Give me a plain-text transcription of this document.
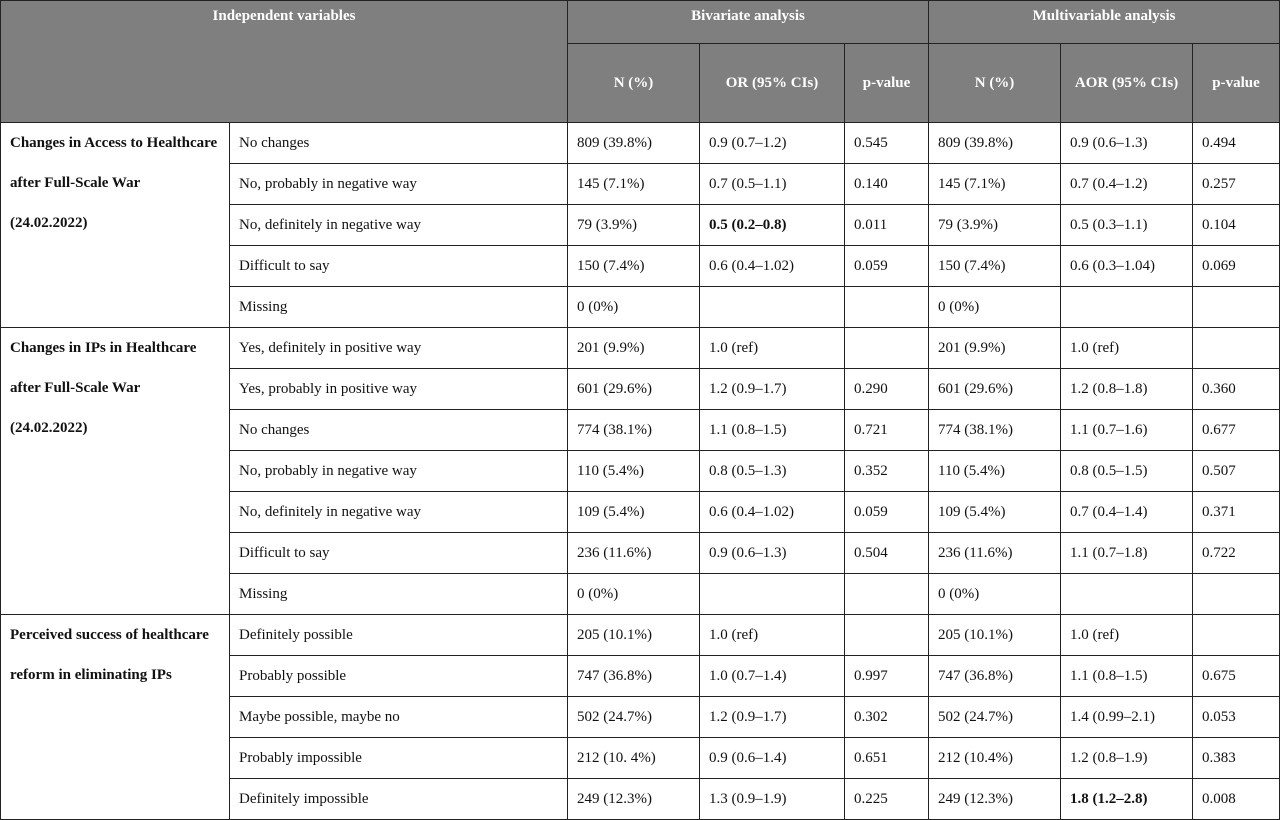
Independent variables		Bivariate analysis			Multivariable analysis		
		N (%)	OR (95% CIs)	p-value	N (%)	AOR (95% CIs)	p-value
Changes in Access to Healthcare after Full-Scale War (24.02.2022)	No changes	809 (39.8%)	0.9 (0.7–1.2)	0.545	809 (39.8%)	0.9 (0.6–1.3)	0.494
	No, probably in negative way	145 (7.1%)	0.7 (0.5–1.1)	0.140	145 (7.1%)	0.7 (0.4–1.2)	0.257
	No, definitely in negative way	79 (3.9%)	0.5 (0.2–0.8)	0.011	79 (3.9%)	0.5 (0.3–1.1)	0.104
	Difficult to say	150 (7.4%)	0.6 (0.4–1.02)	0.059	150 (7.4%)	0.6 (0.3–1.04)	0.069
	Missing	0 (0%)			0 (0%)		
Changes in IPs in Healthcare after Full-Scale War (24.02.2022)	Yes, definitely in positive way	201 (9.9%)	1.0 (ref)		201 (9.9%)	1.0 (ref)	
	Yes, probably in positive way	601 (29.6%)	1.2 (0.9–1.7)	0.290	601 (29.6%)	1.2 (0.8–1.8)	0.360
	No changes	774 (38.1%)	1.1 (0.8–1.5)	0.721	774 (38.1%)	1.1 (0.7–1.6)	0.677
	No, probably in negative way	110 (5.4%)	0.8 (0.5–1.3)	0.352	110 (5.4%)	0.8 (0.5–1.5)	0.507
	No, definitely in negative way	109 (5.4%)	0.6 (0.4–1.02)	0.059	109 (5.4%)	0.7 (0.4–1.4)	0.371
	Difficult to say	236 (11.6%)	0.9 (0.6–1.3)	0.504	236 (11.6%)	1.1 (0.7–1.8)	0.722
	Missing	0 (0%)			0 (0%)		
Perceived success of healthcare reform in eliminating IPs	Definitely possible	205 (10.1%)	1.0 (ref)		205 (10.1%)	1.0 (ref)	
	Probably possible	747 (36.8%)	1.0 (0.7–1.4)	0.997	747 (36.8%)	1.1 (0.8–1.5)	0.675
	Maybe possible, maybe no	502 (24.7%)	1.2 (0.9–1.7)	0.302	502 (24.7%)	1.4 (0.99–2.1)	0.053
	Probably impossible	212 (10. 4%)	0.9 (0.6–1.4)	0.651	212 (10.4%)	1.2 (0.8–1.9)	0.383
	Definitely impossible	249 (12.3%)	1.3 (0.9–1.9)	0.225	249 (12.3%)	1.8 (1.2–2.8)	0.008
